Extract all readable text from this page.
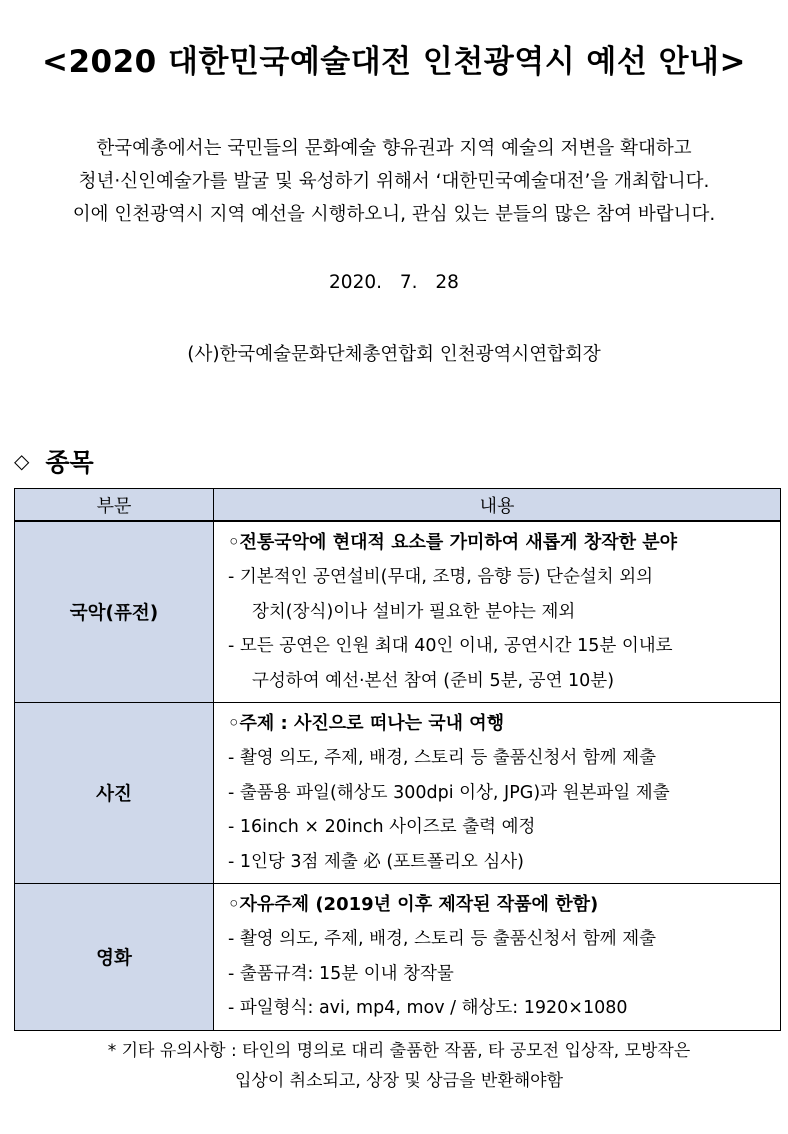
<2020 대한민국예술대전 인천광역시 예선 안내>
한국예총에서는 국민들의 문화예술 향유권과 지역 예술의 저변을 확대하고
청년·신인예술가를 발굴 및 육성하기 위해서 ‘대한민국예술대전’을 개최합니다.
이에 인천광역시 지역 예선을 시행하오니, 관심 있는 분들의 많은 참여 바랍니다.
2020. 7. 28
(사)한국예술문화단체총연합회 인천광역시연합회장
◇ 종목
부문	내용
국악(퓨전)	◦전통국악에 현대적 요소를 가미하여 새롭게 창작한 분야
- 기본적인 공연설비(무대, 조명, 음향 등) 단순설치 외의
장치(장식)이나 설비가 필요한 분야는 제외
- 모든 공연은 인원 최대 40인 이내, 공연시간 15분 이내로
구성하여 예선·본선 참여 (준비 5분, 공연 10분)

사진	◦주제 : 사진으로 떠나는 국내 여행
- 촬영 의도, 주제, 배경, 스토리 등 출품신청서 함께 제출
- 출품용 파일(해상도 300dpi 이상, JPG)과 원본파일 제출
- 16inch × 20inch 사이즈로 출력 예정
- 1인당 3점 제출 必 (포트폴리오 심사)

영화	◦자유주제 (2019년 이후 제작된 작품에 한함)
- 촬영 의도, 주제, 배경, 스토리 등 출품신청서 함께 제출
- 출품규격: 15분 이내 창작물
- 파일형식: avi, mp4, mov / 해상도: 1920×1080
* 기타 유의사항 : 타인의 명의로 대리 출품한 작품, 타 공모전 입상작, 모방작은
입상이 취소되고, 상장 및 상금을 반환해야함
